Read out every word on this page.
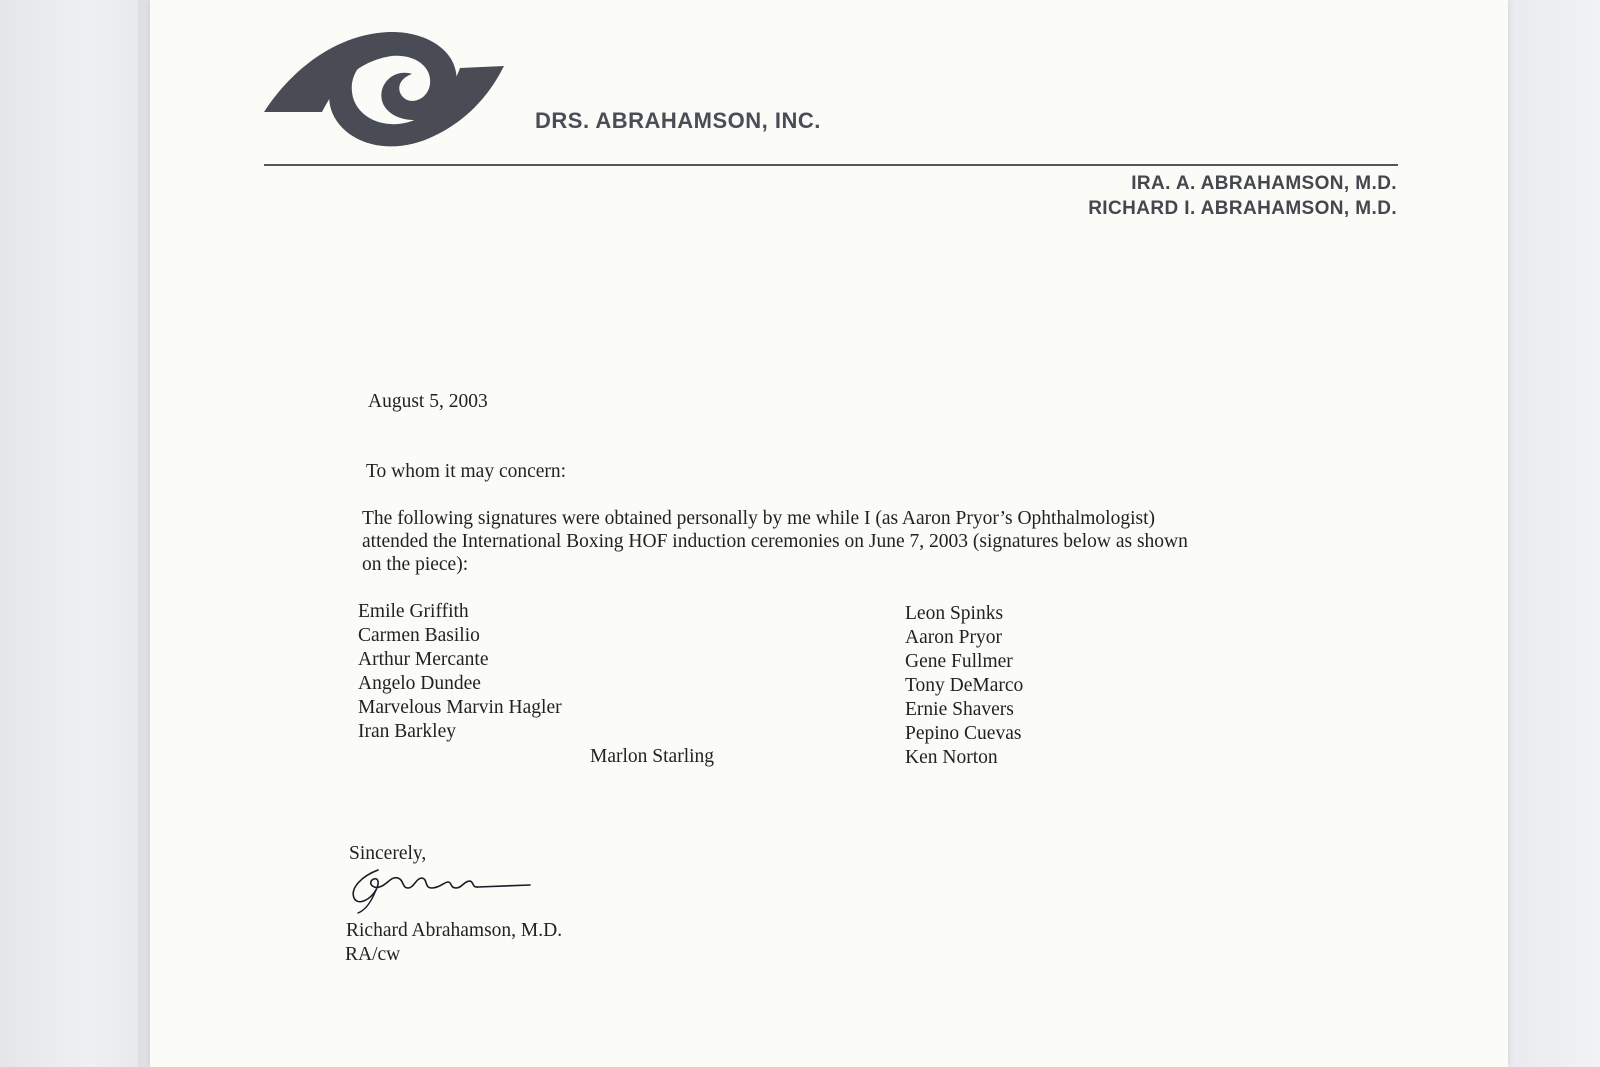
DRS. ABRAHAMSON, INC.
IRA. A. ABRAHAMSON, M.D.
RICHARD I. ABRAHAMSON, M.D.
August 5, 2003
To whom it may concern:
The following signatures were obtained personally by me while I (as Aaron Pryor’s Ophthalmologist)
attended the International Boxing HOF induction ceremonies on June 7, 2003 (signatures below as shown
on the piece):
Emile Griffith
Carmen Basilio
Arthur Mercante
Angelo Dundee
Marvelous Marvin Hagler
Iran Barkley
Marlon Starling
Leon Spinks
Aaron Pryor
Gene Fullmer
Tony DeMarco
Ernie Shavers
Pepino Cuevas
Ken Norton
Sincerely,
Richard Abrahamson, M.D.
RA/cw
